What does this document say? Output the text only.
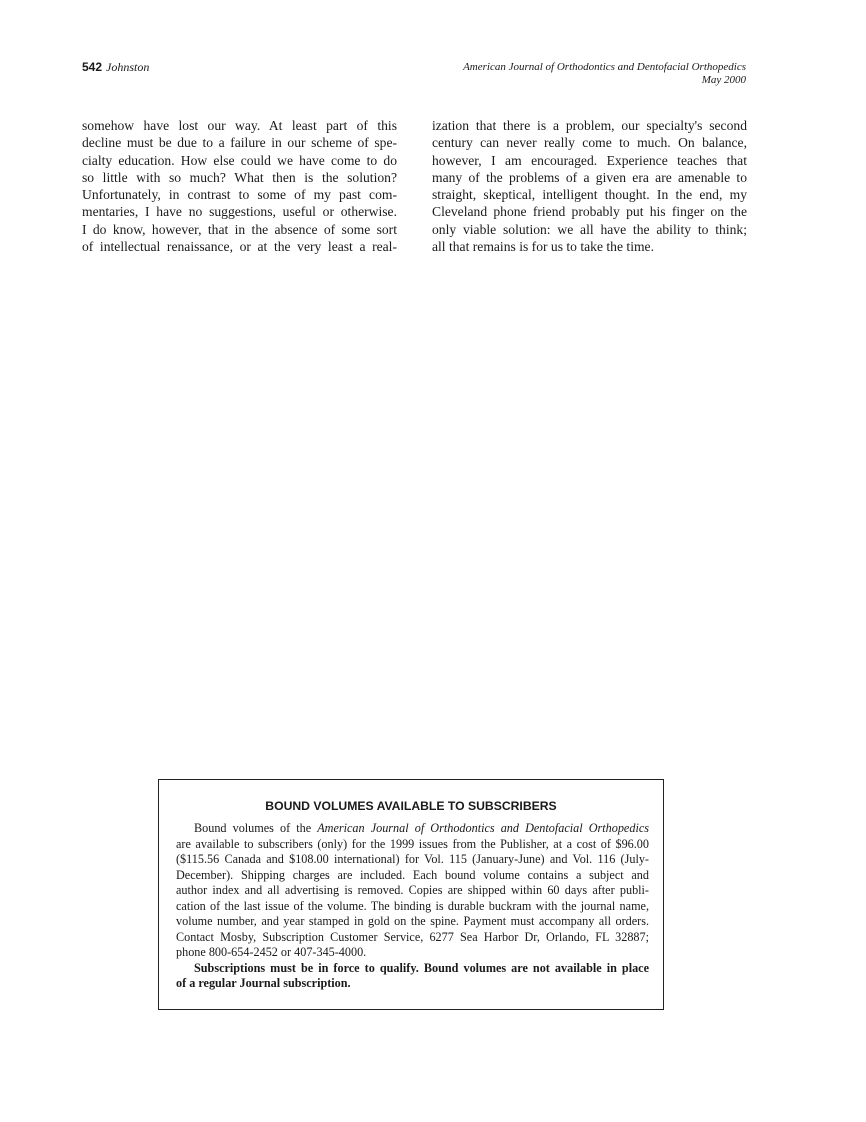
542 Johnston	American Journal of Orthodontics and Dentofacial Orthopedics
May 2000
somehow have lost our way. At least part of this
decline must be due to a failure in our scheme of spe-
cialty education. How else could we have come to do
so little with so much? What then is the solution?
Unfortunately, in contrast to some of my past com-
mentaries, I have no suggestions, useful or otherwise.
I do know, however, that in the absence of some sort
of intellectual renaissance, or at the very least a real-
ization that there is a problem, our specialty's second
century can never really come to much. On balance,
however, I am encouraged. Experience teaches that
many of the problems of a given era are amenable to
straight, skeptical, intelligent thought. In the end, my
Cleveland phone friend probably put his finger on the
only viable solution: we all have the ability to think;
all that remains is for us to take the time.
BOUND VOLUMES AVAILABLE TO SUBSCRIBERS
Bound volumes of the American Journal of Orthodontics and Dentofacial Orthopedics
are available to subscribers (only) for the 1999 issues from the Publisher, at a cost of $96.00
($115.56 Canada and $108.00 international) for Vol. 115 (January-June) and Vol. 116 (July-
December). Shipping charges are included. Each bound volume contains a subject and
author index and all advertising is removed. Copies are shipped within 60 days after publi-
cation of the last issue of the volume. The binding is durable buckram with the journal name,
volume number, and year stamped in gold on the spine. Payment must accompany all orders.
Contact Mosby, Subscription Customer Service, 6277 Sea Harbor Dr, Orlando, FL 32887;
phone 800-654-2452 or 407-345-4000.
Subscriptions must be in force to qualify. Bound volumes are not available in place
of a regular Journal subscription.
